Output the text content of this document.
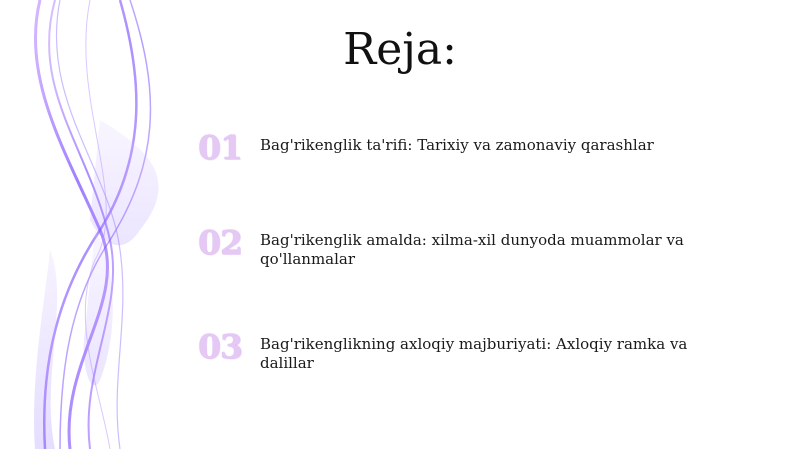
Reja:
01	Bag'rikenglik ta'rifi: Tarixiy va zamonaviy qarashlar
02	Bag'rikenglik amalda: xilma-xil dunyoda muammolar va qo'llanmalar
03	Bag'rikenglikning axloqiy majburiyati: Axloqiy ramka va dalillar
